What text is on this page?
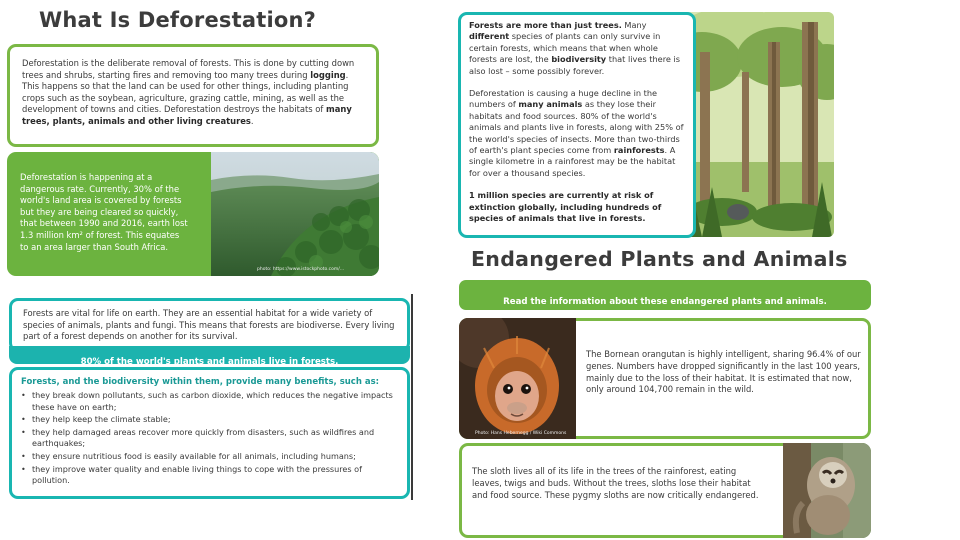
What Is Deforestation?
Deforestation is the deliberate removal of forests. This is done by cutting down trees and shrubs, starting fires and removing too many trees during logging. This happens so that the land can be used for other things, including planting crops such as the soybean, agriculture, grazing cattle, mining, as well as the development of towns and cities. Deforestation destroys the habitats of many trees, plants, animals and other living creatures.
Deforestation is happening at a dangerous rate. Currently, 30% of the world's land area is covered by forests but they are being cleared so quickly, that between 1990 and 2016, earth lost 1.3 million km² of forest. This equates to an area larger than South Africa.
photo: https://www.istockphoto.com/...
Forests are vital for life on earth. They are an essential habitat for a wide variety of species of animals, plants and fungi. This means that forests are biodiverse. Every living part of a forest depends on another for its survival.
80% of the world's plants and animals live in forests.
Forests, and the biodiversity within them, provide many benefits, such as:
• they break down pollutants, such as carbon dioxide, which reduces the negative impacts these have on earth;
• they help keep the climate stable;
• they help damaged areas recover more quickly from disasters, such as wildfires and earthquakes;
• they ensure nutritious food is easily available for all animals, including humans;
• they improve water quality and enable living things to cope with the pressures of pollution.
Forests are more than just trees. Many different species of plants can only survive in certain forests, which means that when whole forests are lost, the biodiversity that lives there is also lost – some possibly forever.
Deforestation is causing a huge decline in the numbers of many animals as they lose their habitats and food sources. 80% of the world's animals and plants live in forests, along with 25% of the world's species of insects. More than two-thirds of earth's plant species come from rainforests. A single kilometre in a rainforest may be the habitat for over a thousand species.
1 million species are currently at risk of extinction globally, including hundreds of species of animals that live in forests.
Endangered Plants and Animals
Read the information about these endangered plants and animals.
The Bornean orangutan is highly intelligent, sharing 96.4% of our genes. Numbers have dropped significantly in the last 100 years, mainly due to the loss of their habitat. It is estimated that now, only around 104,700 remain in the wild.
Photo: Hans Hebernegg / Wiki Commons
The sloth lives all of its life in the trees of the rainforest, eating leaves, twigs and buds. Without the trees, sloths lose their habitat and food source. These pygmy sloths are now critically endangered.
